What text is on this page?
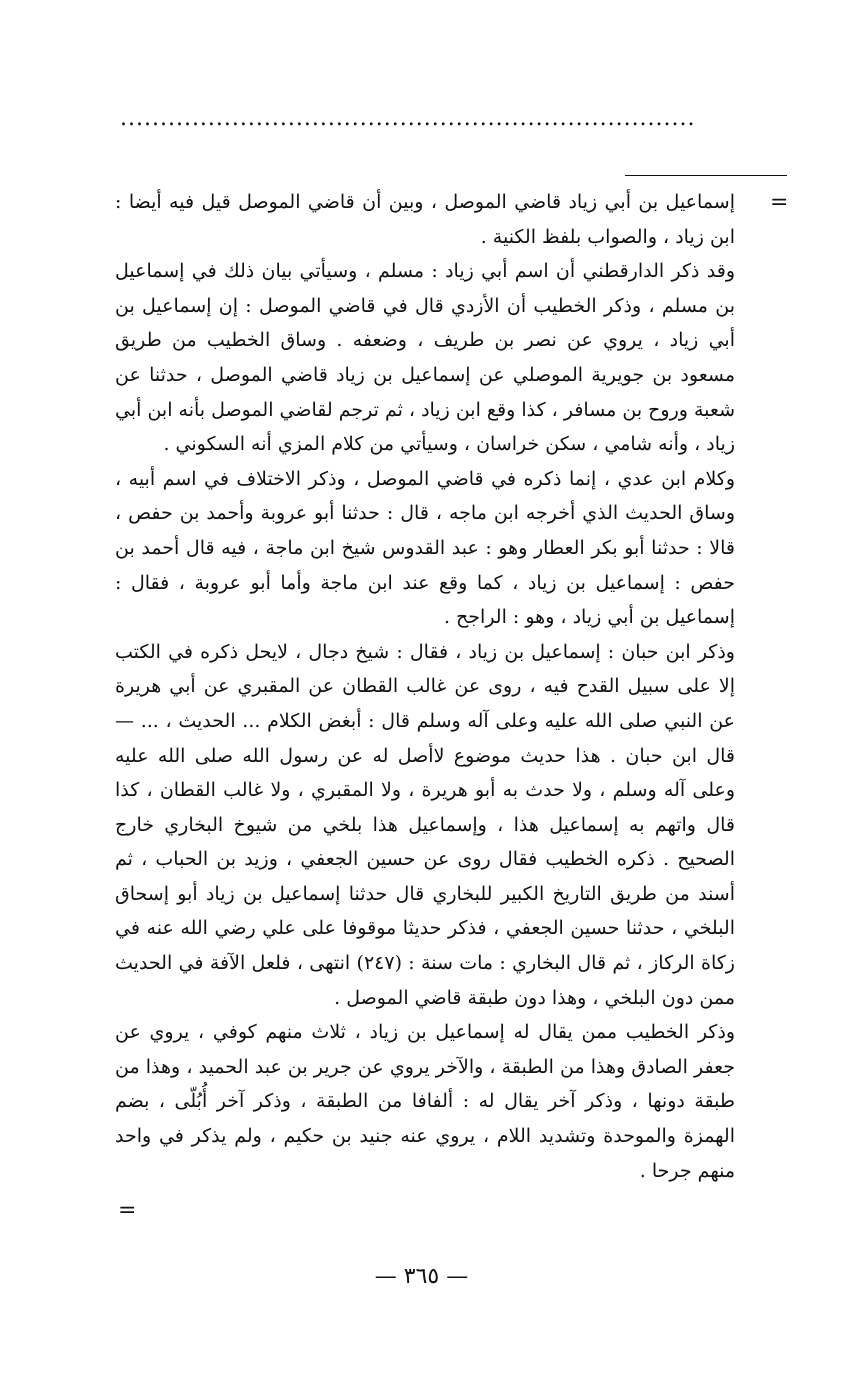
........................................................................
=

إسماعيل بن أبي زياد قاضي الموصل ، وبين أن قاضي الموصل قيل فيه أيضا : ابن زياد ، والصواب بلفظ الكنية .

وقد ذكر الدارقطني أن اسم أبي زياد : مسلم ، وسيأتي بيان ذلك في إسماعيل بن مسلم ، وذكر الخطيب أن الأزدي قال في قاضي الموصل : إن إسماعيل بن أبي زياد ، يروي عن نصر بن طريف ، وضعفه . وساق الخطيب من طريق مسعود بن جويرية الموصلي عن إسماعيل بن زياد قاضي الموصل ، حدثنا عن شعبة وروح بن مسافر ، كذا وقع ابن زياد ، ثم ترجم لقاضي الموصل بأنه ابن أبي زياد ، وأنه شامي ، سكن خراسان ، وسيأتي من كلام المزي أنه السكوني .

وكلام ابن عدي ، إنما ذكره في قاضي الموصل ، وذكر الاختلاف في اسم أبيه ، وساق الحديث الذي أخرجه ابن ماجه ، قال : حدثنا أبو عروبة وأحمد بن حفص ، قالا : حدثنا أبو بكر العطار وهو : عبد القدوس شيخ ابن ماجة ، فيه قال أحمد بن حفص : إسماعيل بن زياد ، كما وقع عند ابن ماجة وأما أبو عروبة ، فقال : إسماعيل بن أبي زياد ، وهو : الراجح .

وذكر ابن حبان : إسماعيل بن زياد ، فقال : شيخ دجال ، لايحل ذكره في الكتب إلا على سبيل القدح فيه ، روى عن غالب القطان عن المقبري عن أبي هريرة عن النبي صلى الله عليه وعلى آله وسلم قال : أبغض الكلام ... الحديث ، ... — قال ابن حبان . هذا حديث موضوع لاأصل له عن رسول الله صلى الله عليه وعلى آله وسلم ، ولا حدث به أبو هريرة ، ولا المقبري ، ولا غالب القطان ، كذا قال واتهم به إسماعيل هذا ، وإسماعيل هذا بلخي من شيوخ البخاري خارج الصحيح . ذكره الخطيب فقال روى عن حسين الجعفي ، وزيد بن الحباب ، ثم أسند من طريق التاريخ الكبير للبخاري قال حدثنا إسماعيل بن زياد أبو إسحاق البلخي ، حدثنا حسين الجعفي ، فذكر حديثا موقوفا على علي رضي الله عنه في زكاة الركاز ، ثم قال البخاري : مات سنة : (٢٤٧) انتهى ، فلعل الآفة في الحديث ممن دون البلخي ، وهذا دون طبقة قاضي الموصل .

وذكر الخطيب ممن يقال له إسماعيل بن زياد ، ثلاث منهم كوفي ، يروي عن جعفر الصادق وهذا من الطبقة ، والآخر يروي عن جرير بن عبد الحميد ، وهذا من طبقة دونها ، وذكر آخر يقال له : ألفافا من الطبقة ، وذكر آخر أُبُلّى ، بضم الهمزة والموحدة وتشديد اللام ، يروي عنه جنيد بن حكيم ، ولم يذكر في واحد منهم جرحا .

=
— ٣٦٥ —
